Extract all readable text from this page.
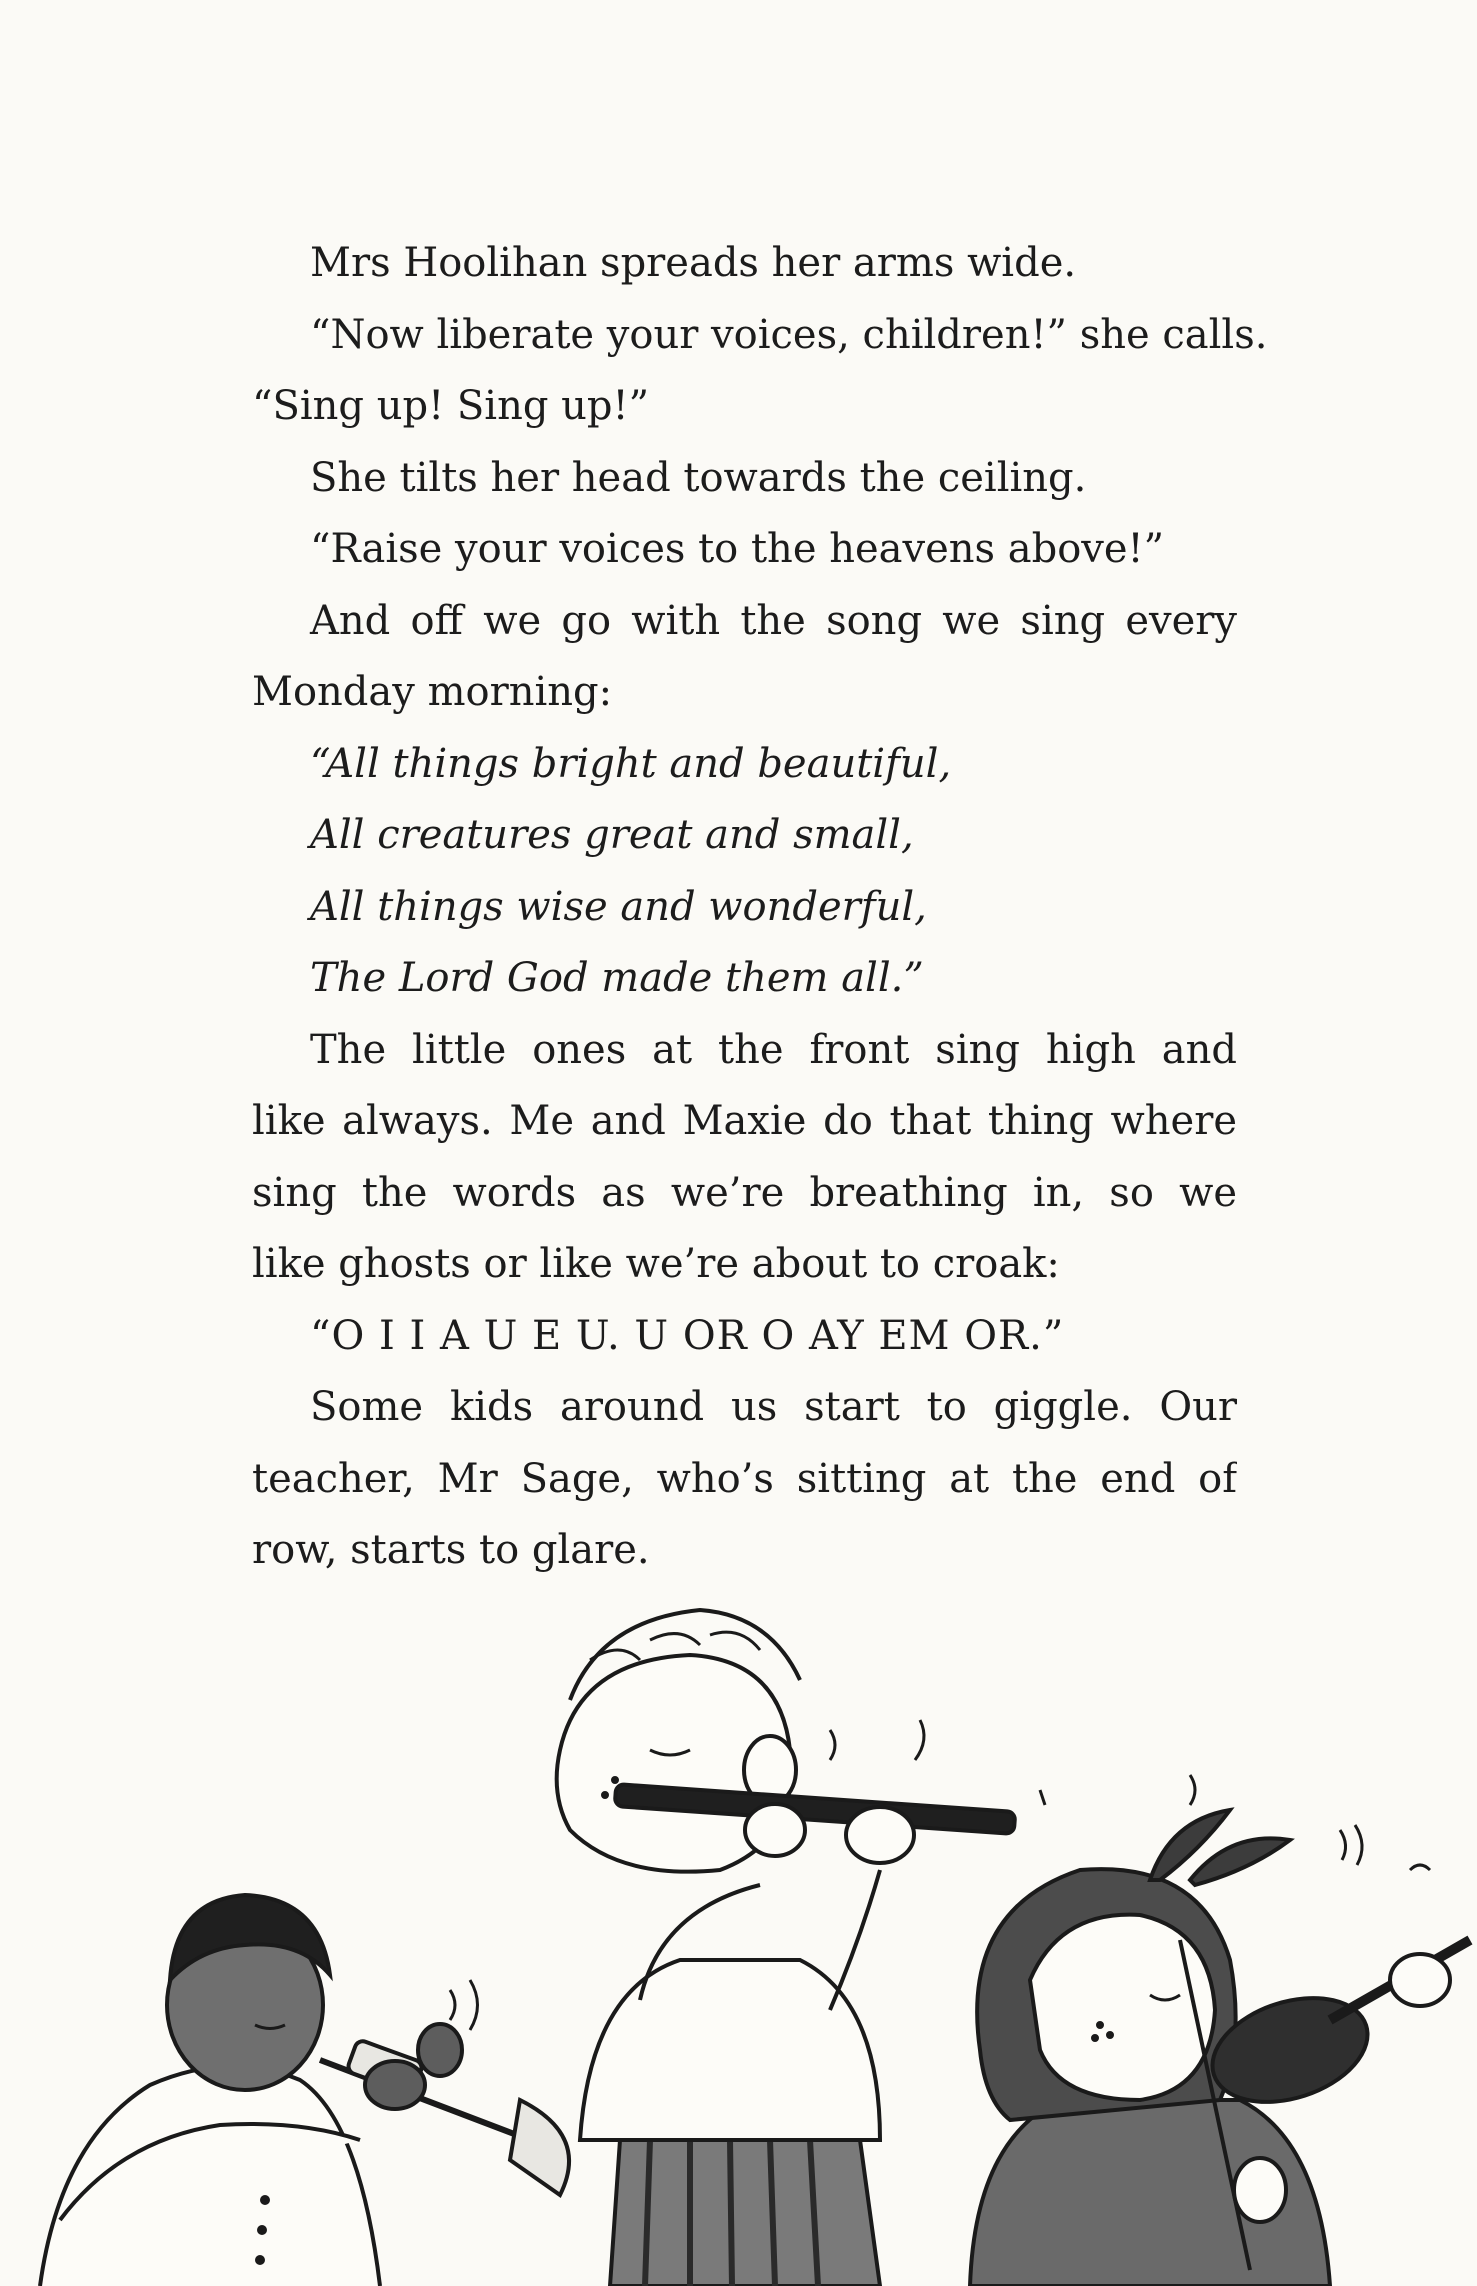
Mrs Hoolihan spreads her arms wide.
“Now liberate your voices, children!” she calls.
“Sing up! Sing up!”
She tilts her head towards the ceiling.
“Raise your voices to the heavens above!”
And off we go with the song we sing every
Monday morning:
“All things bright and beautiful,
All creatures great and small,
All things wise and wonderful,
The Lord God made them all.”
The little ones at the front sing high and
like always. Me and Maxie do that thing where
sing the words as we’re breathing in, so we
like ghosts or like we’re about to croak:
“O I I A U E U. U OR O AY EM OR.”
Some kids around us start to giggle. Our
teacher, Mr Sage, who’s sitting at the end of
row, starts to glare.
